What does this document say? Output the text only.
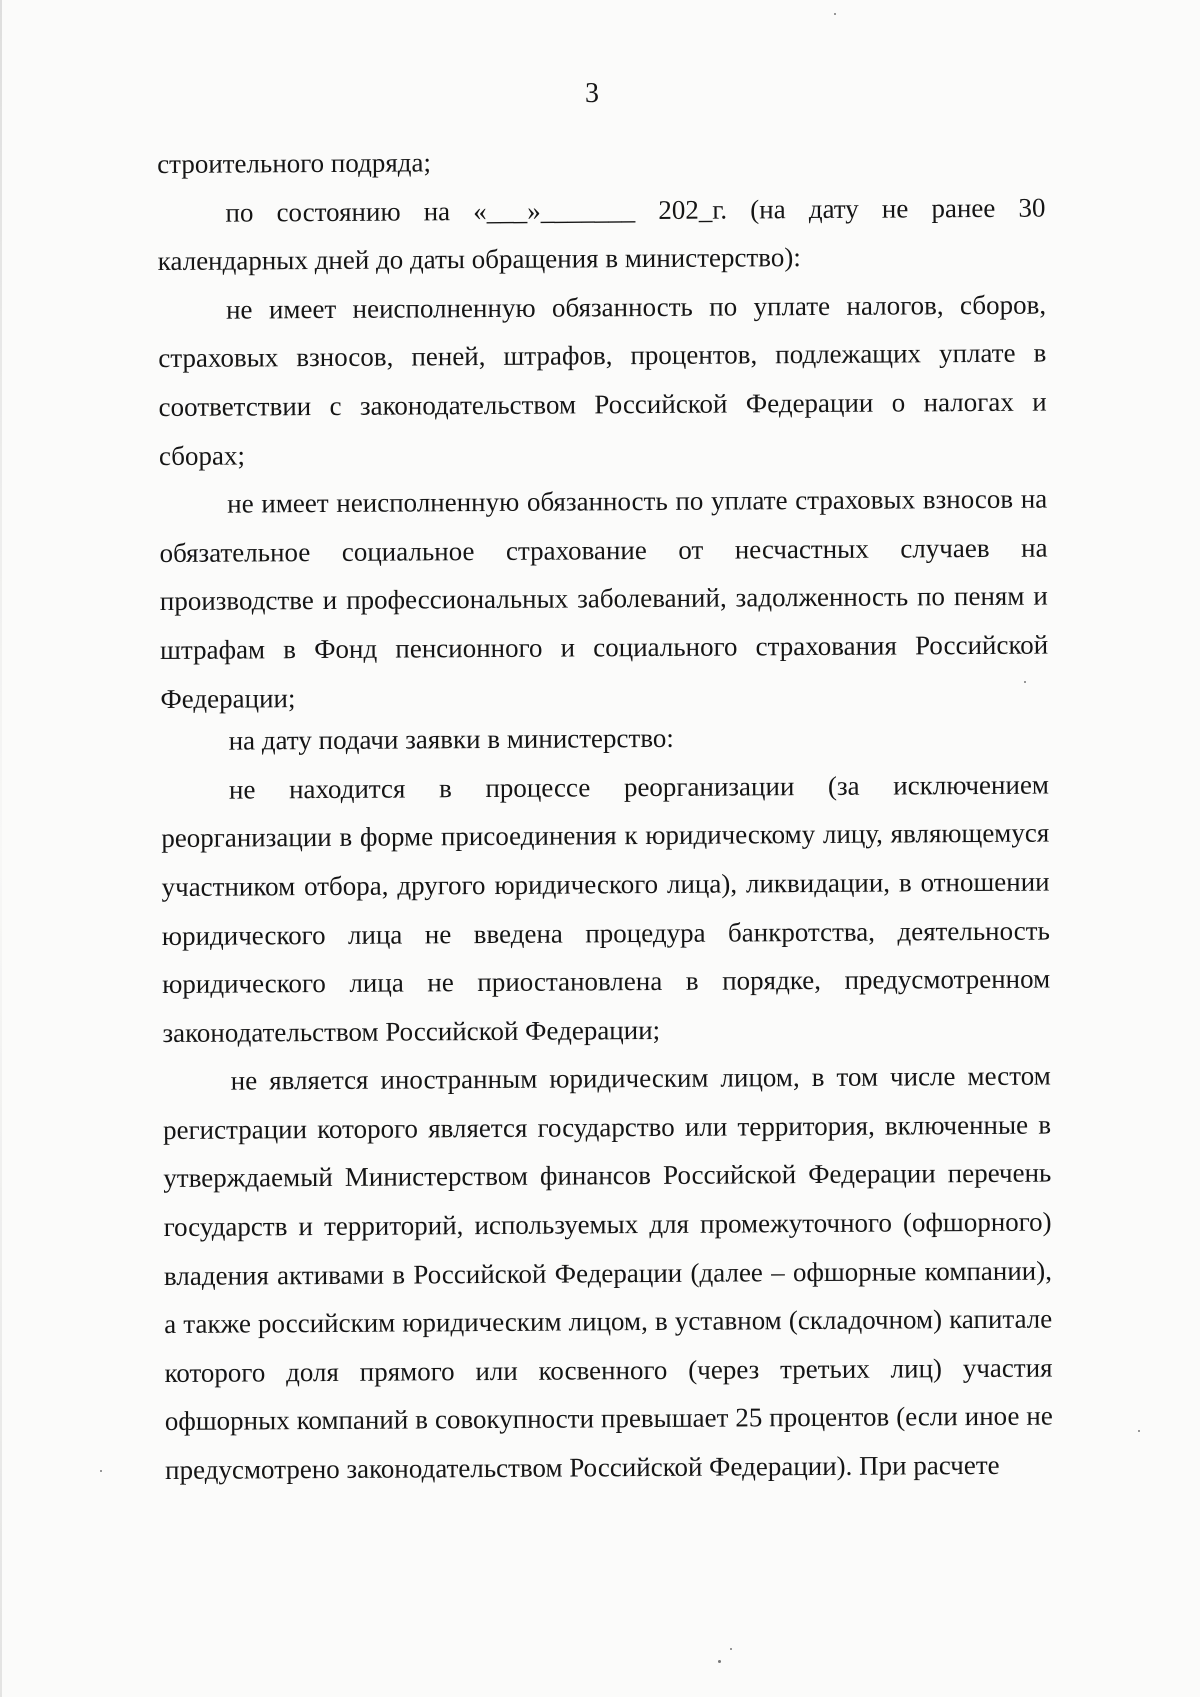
3

строительного подряда;

по состоянию на «___»_______ 202_г. (на дату не ранее 30 календарных дней до даты обращения в министерство):

не имеет неисполненную обязанность по уплате налогов, сборов, страховых взносов, пеней, штрафов, процентов, подлежащих уплате в соответствии с законодательством Российской Федерации о налогах и сборах;

не имеет неисполненную обязанность по уплате страховых взносов на обязательное социальное страхование от несчастных случаев на производстве и профессиональных заболеваний, задолженность по пеням и штрафам в Фонд пенсионного и социального страхования Российской Федерации;

на дату подачи заявки в министерство:

не находится в процессе реорганизации (за исключением реорганизации в форме присоединения к юридическому лицу, являющемуся участником отбора, другого юридического лица), ликвидации, в отношении юридического лица не введена процедура банкротства, деятельность юридического лица не приостановлена в порядке, предусмотренном законодательством Российской Федерации;

не является иностранным юридическим лицом, в том числе местом регистрации которого является государство или территория, включенные в утверждаемый Министерством финансов Российской Федерации перечень государств и территорий, используемых для промежуточного (офшорного) владения активами в Российской Федерации (далее – офшорные компании), а также российским юридическим лицом, в уставном (складочном) капитале которого доля прямого или косвенного (через третьих лиц) участия офшорных компаний в совокупности превышает 25 процентов (если иное не предусмотрено законодательством Российской Федерации). При расчете
